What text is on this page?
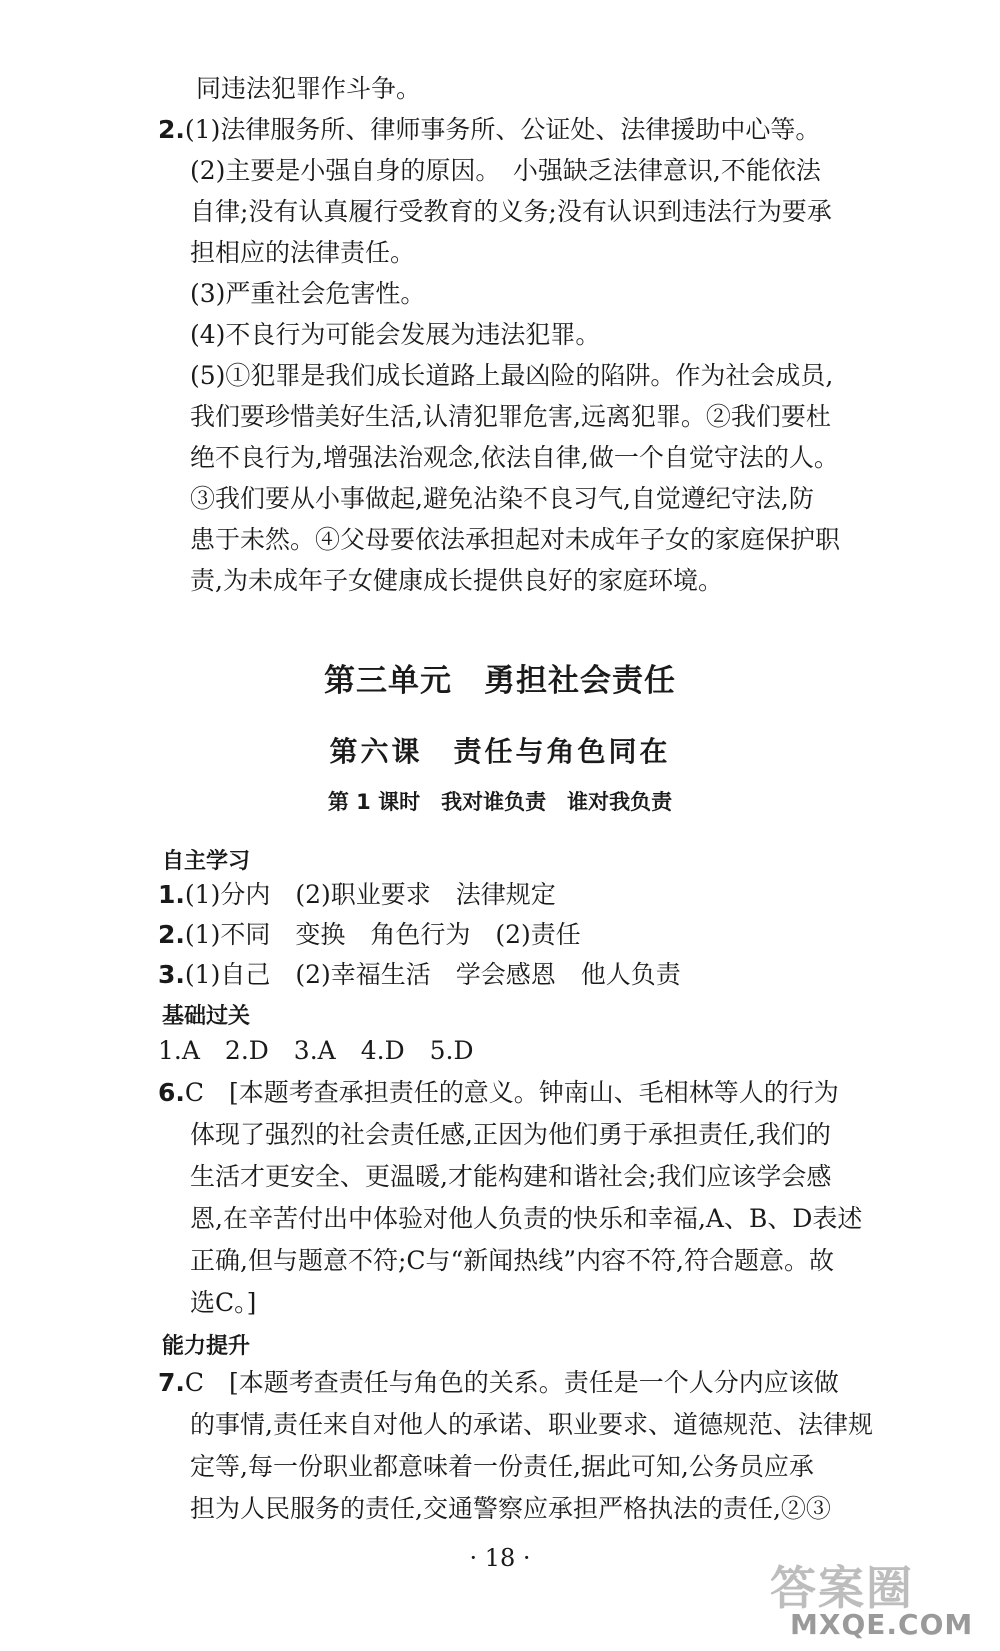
同违法犯罪作斗争。
2.(1)法律服务所、律师事务所、公证处、法律援助中心等。
(2)主要是小强自身的原因。　小强缺乏法律意识,不能依法
自律;没有认真履行受教育的义务;没有认识到违法行为要承
担相应的法律责任。
(3)严重社会危害性。
(4)不良行为可能会发展为违法犯罪。
(5)①犯罪是我们成长道路上最凶险的陷阱。作为社会成员,
我们要珍惜美好生活,认清犯罪危害,远离犯罪。②我们要杜
绝不良行为,增强法治观念,依法自律,做一个自觉守法的人。
③我们要从小事做起,避免沾染不良习气,自觉遵纪守法,防
患于未然。④父母要依法承担起对未成年子女的家庭保护职
责,为未成年子女健康成长提供良好的家庭环境。
第三单元　勇担社会责任
第六课　责任与角色同在
第 1 课时　我对谁负责　谁对我负责
自主学习
1.(1)分内　(2)职业要求　法律规定
2.(1)不同　变换　角色行为　(2)责任
3.(1)自己　(2)幸福生活　学会感恩　他人负责
基础过关
1.A　2.D　3.A　4.D　5.D
6.C　[本题考查承担责任的意义。钟南山、毛相林等人的行为
体现了强烈的社会责任感,正因为他们勇于承担责任,我们的
生活才更安全、更温暖,才能构建和谐社会;我们应该学会感
恩,在辛苦付出中体验对他人负责的快乐和幸福,A、B、D表述
正确,但与题意不符;C与“新闻热线”内容不符,符合题意。故
选C。]
能力提升
7.C　[本题考查责任与角色的关系。责任是一个人分内应该做
的事情,责任来自对他人的承诺、职业要求、道德规范、法律规
定等,每一份职业都意味着一份责任,据此可知,公务员应承
担为人民服务的责任,交通警察应承担严格执法的责任,②③
· 18 ·
答案圈
MXQE.COM
